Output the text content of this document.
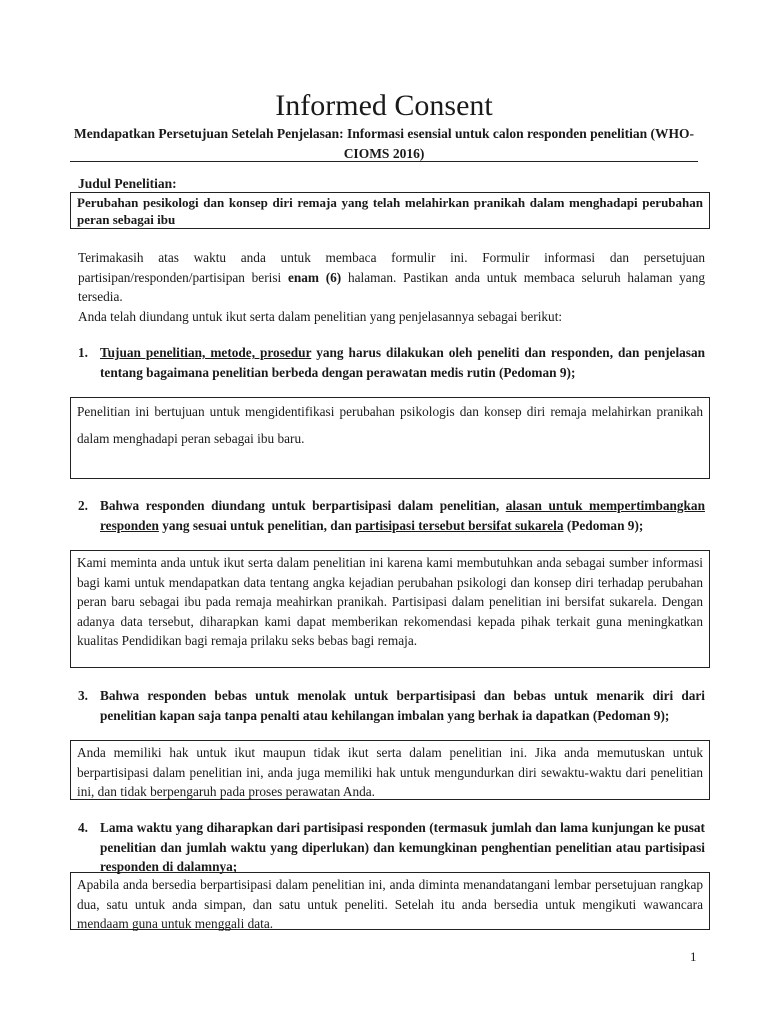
Informed Consent
Mendapatkan Persetujuan Setelah Penjelasan: Informasi esensial untuk calon responden penelitian (WHO-CIOMS 2016)
Judul Penelitian:
Perubahan pesikologi dan konsep diri remaja yang telah melahirkan pranikah dalam menghadapi perubahan peran sebagai ibu

Terimakasih atas waktu anda untuk membaca formulir ini. Formulir informasi dan persetujuan partisipan/responden/partisipan berisi enam (6) halaman. Pastikan anda untuk membaca seluruh halaman yang tersedia.

Anda telah diundang untuk ikut serta dalam penelitian yang penjelasannya sebagai berikut:

1. Tujuan penelitian, metode, prosedur yang harus dilakukan oleh peneliti dan responden, dan penjelasan tentang bagaimana penelitian berbeda dengan perawatan medis rutin (Pedoman 9);
Penelitian ini bertujuan untuk mengidentifikasi perubahan psikologis dan konsep diri remaja melahirkan pranikah dalam menghadapi peran sebagai ibu baru.
2. Bahwa responden diundang untuk berpartisipasi dalam penelitian, alasan untuk mempertimbangkan responden yang sesuai untuk penelitian, dan partisipasi tersebut bersifat sukarela (Pedoman 9);
Kami meminta anda untuk ikut serta dalam penelitian ini karena kami membutuhkan anda sebagai sumber informasi bagi kami untuk mendapatkan data tentang angka kejadian perubahan psikologi dan konsep diri terhadap perubahan peran baru sebagai ibu pada remaja meahirkan pranikah. Partisipasi dalam penelitian ini bersifat sukarela. Dengan adanya data tersebut, diharapkan kami dapat memberikan rekomendasi kepada pihak terkait guna meningkatkan kualitas Pendidikan bagi remaja prilaku seks bebas bagi remaja.
3. Bahwa responden bebas untuk menolak untuk berpartisipasi dan bebas untuk menarik diri dari penelitian kapan saja tanpa penalti atau kehilangan imbalan yang berhak ia dapatkan (Pedoman 9);
Anda memiliki hak untuk ikut maupun tidak ikut serta dalam penelitian ini. Jika anda memutuskan untuk berpartisipasi dalam penelitian ini, anda juga memiliki hak untuk mengundurkan diri sewaktu-waktu dari penelitian ini, dan tidak berpengaruh pada proses perawatan Anda.
4. Lama waktu yang diharapkan dari partisipasi responden (termasuk jumlah dan lama kunjungan ke pusat penelitian dan jumlah waktu yang diperlukan) dan kemungkinan penghentian penelitian atau partisipasi responden di dalamnya;
Apabila anda bersedia berpartisipasi dalam penelitian ini, anda diminta menandatangani lembar persetujuan rangkap dua, satu untuk anda simpan, dan satu untuk peneliti. Setelah itu anda bersedia untuk mengikuti wawancara mendaam guna untuk menggali data.
1
